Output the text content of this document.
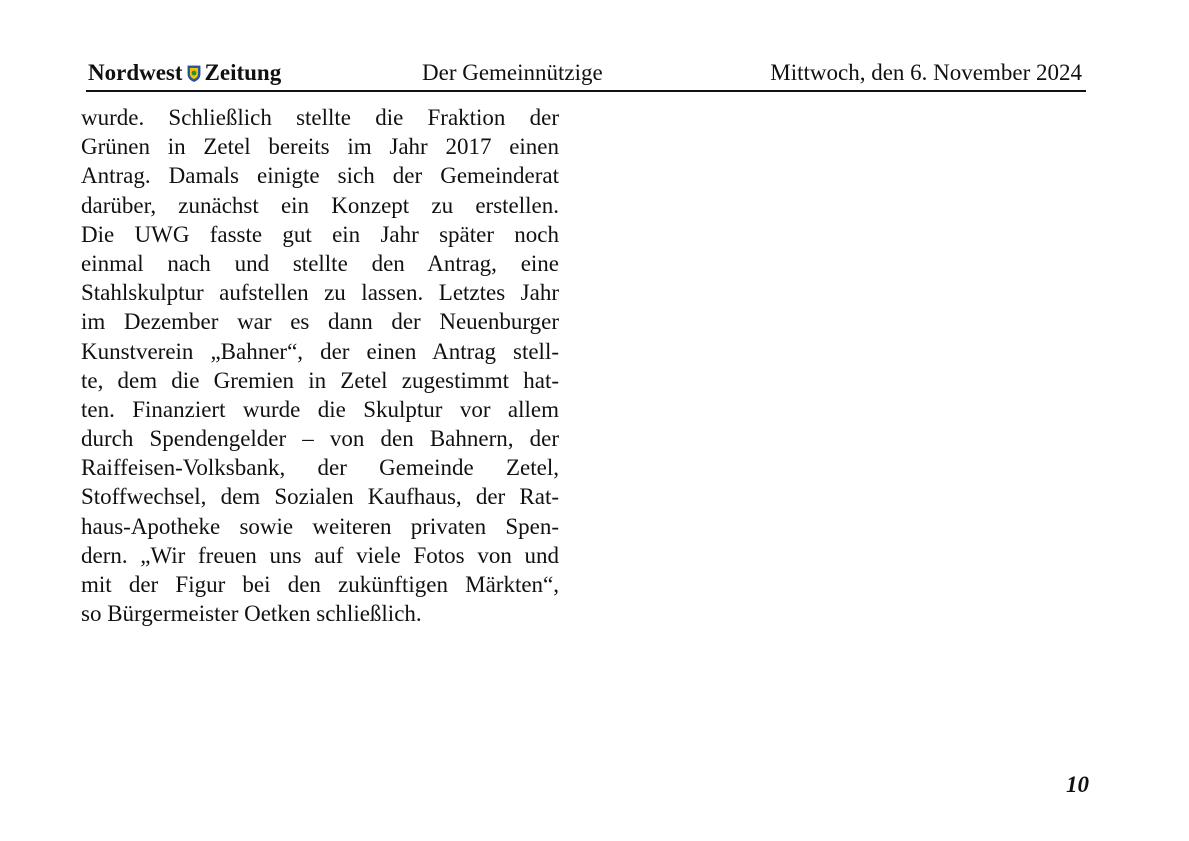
Nordwest Zeitung	Der Gemeinnützige	Mittwoch, den 6. November 2024
wurde. Schließlich stellte die Fraktion der
Grünen in Zetel bereits im Jahr 2017 einen
Antrag. Damals einigte sich der Gemeinderat
darüber, zunächst ein Konzept zu erstellen.
Die UWG fasste gut ein Jahr später noch
einmal nach und stellte den Antrag, eine
Stahlskulptur aufstellen zu lassen. Letztes Jahr
im Dezember war es dann der Neuenburger
Kunstverein „Bahner“, der einen Antrag stell-
te, dem die Gremien in Zetel zugestimmt hat-
ten. Finanziert wurde die Skulptur vor allem
durch Spendengelder – von den Bahnern, der
Raiffeisen-Volksbank, der Gemeinde Zetel,
Stoffwechsel, dem Sozialen Kaufhaus, der Rat-
haus-Apotheke sowie weiteren privaten Spen-
dern. „Wir freuen uns auf viele Fotos von und
mit der Figur bei den zukünftigen Märkten“,
so Bürgermeister Oetken schließlich.
10
